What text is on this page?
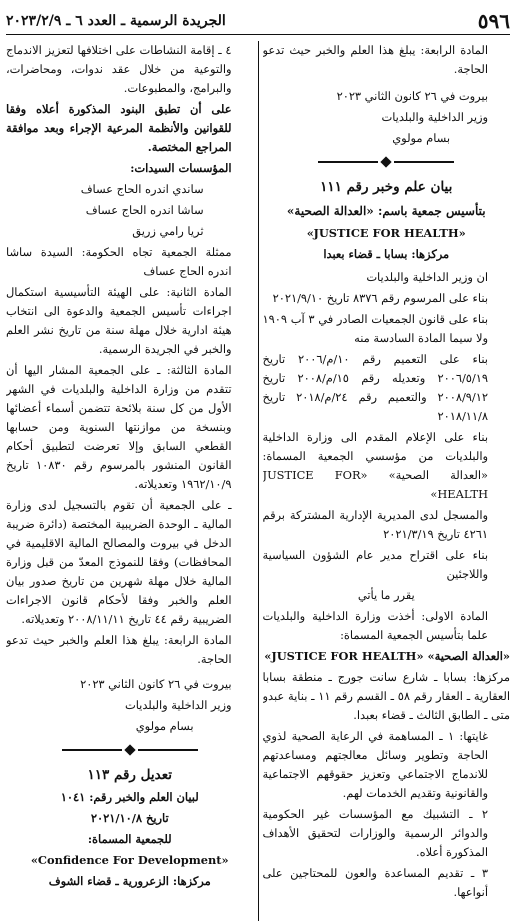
٥٩٦
الجريدة الرسمية ـ العدد ٦ ـ ٢٠٢٣/٢/٩

المادة الرابعة: يبلغ هذا العلم والخبر حيث تدعو الحاجة.

بيروت في ٢٦ كانون الثاني ٢٠٢٣

وزير الداخلية والبلديات

بسام مولوي

بيان علم وخبر رقم ١١١

بتأسيس جمعية باسم: «العدالة الصحية»

«JUSTICE FOR HEALTH»

مركزها: بسابا ـ قضاء بعبدا

ان وزير الداخلية والبلديات

بناء على المرسوم رقم ٨٣٧٦ تاريخ ٢٠٢١/٩/١٠

بناء على قانون الجمعيات الصادر في ٣ آب ١٩٠٩ ولا سيما المادة السادسة منه

بناء على التعميم رقم ١٠/م/٢٠٠٦ تاريخ ٢٠٠٦/٥/١٩ وتعديله رقم ١٥/م/٢٠٠٨ تاريخ ٢٠٠٨/٩/١٢ والتعميم رقم ٢٤/م/٢٠١٨ تاريخ ٢٠١٨/١١/٨

بناء على الإعلام المقدم الى وزارة الداخلية والبلديات من مؤسسي الجمعية المسماة: «العدالة الصحية» «JUSTICE FOR HEALTH»

والمسجل لدى المديرية الإدارية المشتركة برقم ٤٢٦١ تاريخ ٢٠٢١/٣/١٩

بناء على اقتراح مدير عام الشؤون السياسية واللاجئين

يقرر ما يأتي

المادة الاولى: أخذت وزارة الداخلية والبلديات علما بتأسيس الجمعية المسماة:

«العدالة الصحية» «JUSTICE FOR HEALTH»

مركزها: بسابا ـ شارع سانت جورج ـ منطقة بسابا العقارية ـ العقار رقم ٥٨ ـ القسم رقم ١١ ـ بناية عبدو متى ـ الطابق الثالث ـ قضاء بعبدا.

غايتها: ١ ـ المساهمة في الرعاية الصحية لذوي الحاجة وتطوير وسائل معالجتهم ومساعدتهم للاندماج الاجتماعي وتعزيز حقوقهم الاجتماعية والقانونية وتقديم الخدمات لهم.

٢ ـ التشبيك مع المؤسسات غير الحكومية والدوائر الرسمية والوزارات لتحقيق الأهداف المذكورة أعلاه.

٣ ـ تقديم المساعدة والعون للمحتاجين على أنواعها.

٤ ـ إقامة النشاطات على اختلافها لتعزيز الاندماج والتوعية من خلال عقد ندوات، ومحاضرات، والبرامج، والمطبوعات.

على أن تطبق البنود المذكورة أعلاه وفقا للقوانين والأنظمة المرعية الإجراء وبعد موافقة المراجع المختصة.

المؤسسات السيدات:

ساندي اندره الحاج عساف

ساشا اندره الحاج عساف

ثريا رامي زريق

ممثلة الجمعية تجاه الحكومة: السيدة ساشا اندره الحاج عساف

المادة الثانية: على الهيئة التأسيسية استكمال اجراءات تأسيس الجمعية والدعوة الى انتخاب هيئة ادارية خلال مهلة سنة من تاريخ نشر العلم والخبر في الجريدة الرسمية.

المادة الثالثة: ـ على الجمعية المشار اليها أن تتقدم من وزارة الداخلية والبلديات في الشهر الأول من كل سنة بلائحة تتضمن أسماء أعضائها وبنسخة من موازنتها السنوية ومن حسابها القطعي السابق وإلا تعرضت لتطبيق أحكام القانون المنشور بالمرسوم رقم ١٠٨٣٠ تاريخ ١٩٦٢/١٠/٩ وتعديلاته.

ـ على الجمعية أن تقوم بالتسجيل لدى وزارة المالية ـ الوحدة الضريبية المختصة (دائرة ضريبة الدخل في بيروت والمصالح المالية الاقليمية في المحافظات) وفقا للنموذج المعدّ من قبل وزارة المالية خلال مهلة شهرين من تاريخ صدور بيان العلم والخبر وفقا لأحكام قانون الاجراءات الضريبية رقم ٤٤ تاريخ ٢٠٠٨/١١/١١ وتعديلاته.

المادة الرابعة: يبلغ هذا العلم والخبر حيث تدعو الحاجة.

بيروت في ٢٦ كانون الثاني ٢٠٢٣

وزير الداخلية والبلديات

بسام مولوي

تعديل رقم ١١٣

لبيان العلم والخبر رقم: ١٠٤١

تاريخ ٢٠٢١/١٠/٨

للجمعية المسماة:

«Confidence For Development»

مركزها: الزعرورية ـ قضاء الشوف
